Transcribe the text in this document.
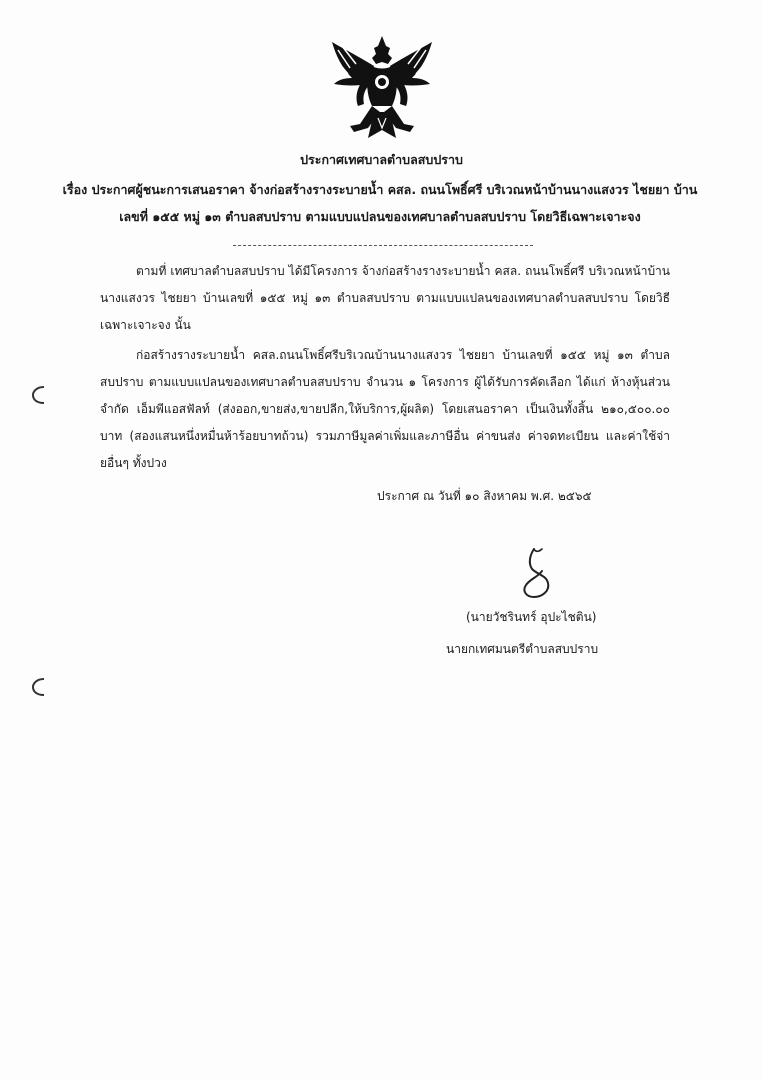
ประกาศเทศบาลตำบลสบปราบ
เรื่อง ประกาศผู้ชนะการเสนอราคา จ้างก่อสร้างรางระบายน้ำ คสล. ถนนโพธิ์ศรี บริเวณหน้าบ้านนางแสงวร ไชยยา บ้านเลขที่ ๑๕๕ หมู่ ๑๓ ตำบลสบปราบ ตามแบบแปลนของเทศบาลตำบลสบปราบ โดยวิธีเฉพาะเจาะจง
ตามที่ เทศบาลตำบลสบปราบ ได้มีโครงการ จ้างก่อสร้างรางระบายน้ำ คสล. ถนนโพธิ์ศรี บริเวณหน้าบ้านนางแสงวร ไชยยา บ้านเลขที่ ๑๕๕ หมู่ ๑๓ ตำบลสบปราบ ตามแบบแปลนของเทศบาลตำบลสบปราบ โดยวิธีเฉพาะเจาะจง นั้น
ก่อสร้างรางระบายน้ำ คสล.ถนนโพธิ์ศรีบริเวณบ้านนางแสงวร ไชยยา บ้านเลขที่ ๑๕๕ หมู่ ๑๓ ตำบลสบปราบ ตามแบบแปลนของเทศบาลตำบลสบปราบ จำนวน ๑ โครงการ ผู้ได้รับการคัดเลือก ได้แก่ ห้างหุ้นส่วนจำกัด เอ็มพีแอสฟัลท์ (ส่งออก,ขายส่ง,ขายปลีก,ให้บริการ,ผู้ผลิต) โดยเสนอราคา เป็นเงินทั้งสิ้น ๒๑๐,๕๐๐.๐๐ บาท (สองแสนหนึ่งหมื่นห้าร้อยบาทถ้วน) รวมภาษีมูลค่าเพิ่มและภาษีอื่น ค่าขนส่ง ค่าจดทะเบียน และค่าใช้จ่ายอื่นๆ ทั้งปวง
ประกาศ ณ วันที่ ๑๐ สิงหาคม พ.ศ. ๒๕๖๕
(นายวัชรินทร์ อุปะไชติน)
นายกเทศมนตรีตำบลสบปราบ
